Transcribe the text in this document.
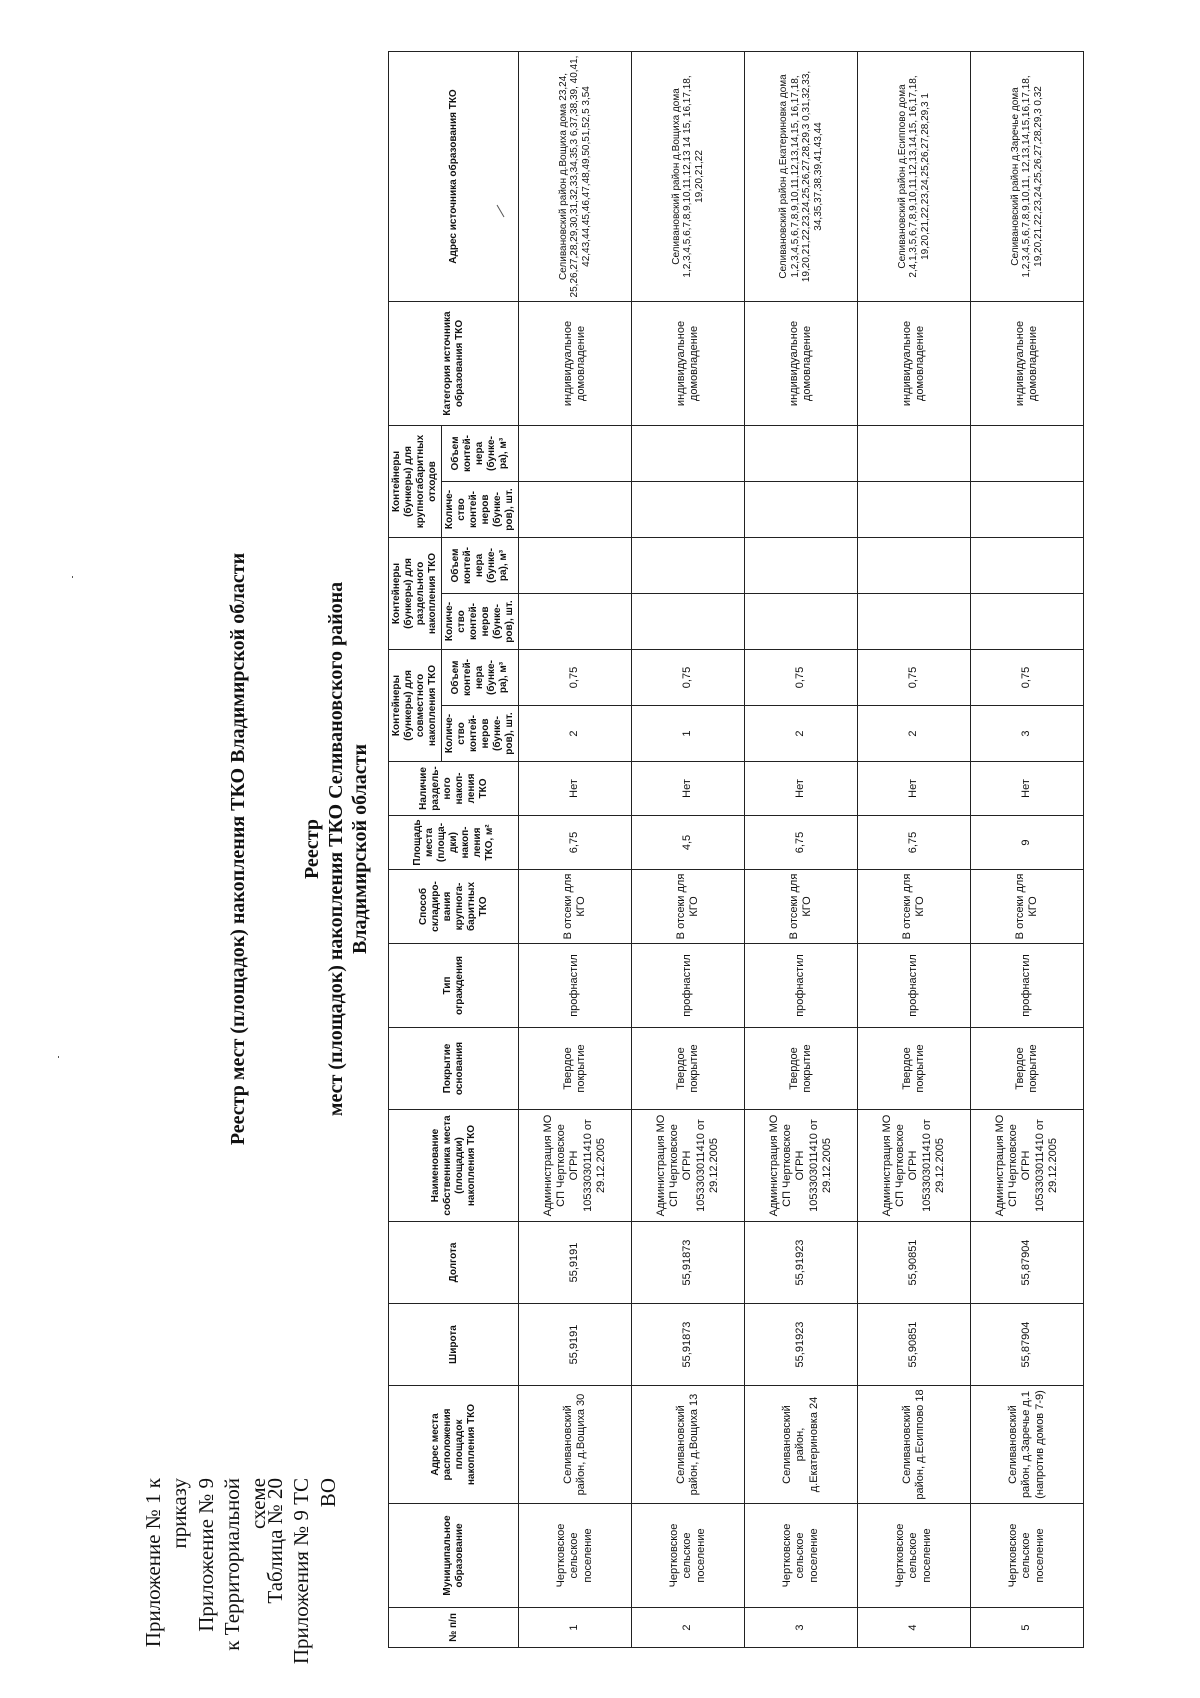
Приложение № 1 к приказу Приложение № 9 к Территориальной схеме
Таблица № 20 Приложения № 9 ТС ВО
Реестр мест (площадок) накопления ТКО Владимирской области	Реестр мест (площадок) накопления ТКО Селивановского района Владимирской области
№ п/п	Муниципальное образование	Адрес места расположения площадок накопления ТКО	Широта	Долгота	Наименование собственника места (площадки) накопления ТКО	Покрытие основания	Тип ограждения	Способ складирования крупногабаритных ТКО	Площадь места (площадки) накопления ТКО, м²	Наличие раздельного накопления ТКО	Контейнеры (бункеры) для совместного накопления ТКО		Контейнеры (бункеры) для раздельного накопления ТКО		Контейнеры (бункеры) для крупногабаритных отходов		Категория источника образования ТКО	Адрес источника образования ТКО
											Количество контейнеров (бункеров), шт.	Объем контейнера (бункера), м³	Количество контейнеров (бункеров), шт.	Объем контейнера (бункера), м³	Количество контейнеров (бункеров), шт.	Объем контейнера (бункера), м³		
1	Чертковское сельское поселение	Селивановский район, д.Вощиха 30	55,9191	55,9191	Администрация МО СП Чертковское ОГРН 1053303011410 от 29.12.2005	Твердое покрытие	профнастил	В отсеки для КГО	6,75	Нет	2	0,75					индивидуальное домовладение	Селивановский район д.Вощиха дома 23,24, 25,26,27,28,29,30,31,32,33,34,35,3 6,37,38,39, 40,41, 42,43,44,45,46,47,48,49,50,51,52,5 3,54
2	Чертковское сельское поселение	Селивановский район, д.Вощиха 13	55,91873	55,91873	Администрация МО СП Чертковское ОГРН 1053303011410 от 29.12.2005	Твердое покрытие	профнастил	В отсеки для КГО	4,5	Нет	1	0,75					индивидуальное домовладение	Селивановский район д.Вощиха дома 1,2,3,4,5,6,7,8,9,10,11,12,13 14 15, 16,17,18, 19,20,21,22
3	Чертковское сельское поселение	Селивановский район, д.Екатериновка 24	55,91923	55,91923	Администрация МО СП Чертковское ОГРН 1053303011410 от 29.12.2005	Твердое покрытие	профнастил	В отсеки для КГО	6,75	Нет	2	0,75					индивидуальное домовладение	Селивановский район д.Екатериновка дома 1,2,3,4,5,6,7,8,9,10,11,12,13,14,15, 16,17,18, 19,20,21,22,23,24,25,26,27,28,29,3 0,31,32,33, 34,35,37,38,39,41,43,44
4	Чертковское сельское поселение	Селивановский район, д.Есиппово 18	55,90851	55,90851	Администрация МО СП Чертковское ОГРН 1053303011410 от 29.12.2005	Твердое покрытие	профнастил	В отсеки для КГО	6,75	Нет	2	0,75					индивидуальное домовладение	Селивановский район д.Есиппово дома 2,4,1,3,5,6,7,8,9,10,11,12,13,14,15, 16,17,18, 19,20,21,22,23,24,25,26,27,28,29,3 1
5	Чертковское сельское поселение	Селивановский район, д.Заречье д.1 (напротив домов 7-9)	55,87904	55,87904	Администрация МО СП Чертковское ОГРН 1053303011410 от 29.12.2005	Твердое покрытие	профнастил	В отсеки для КГО	9	Нет	3	0,75					индивидуальное домовладение	Селивановский район д.Заречье дома 1,2,3,4,5,6,7,8,9,10,11, 12,13,14,15,16,17,18, 19,20,21,22,23,24,25,26,27,28,29,3 0,32
